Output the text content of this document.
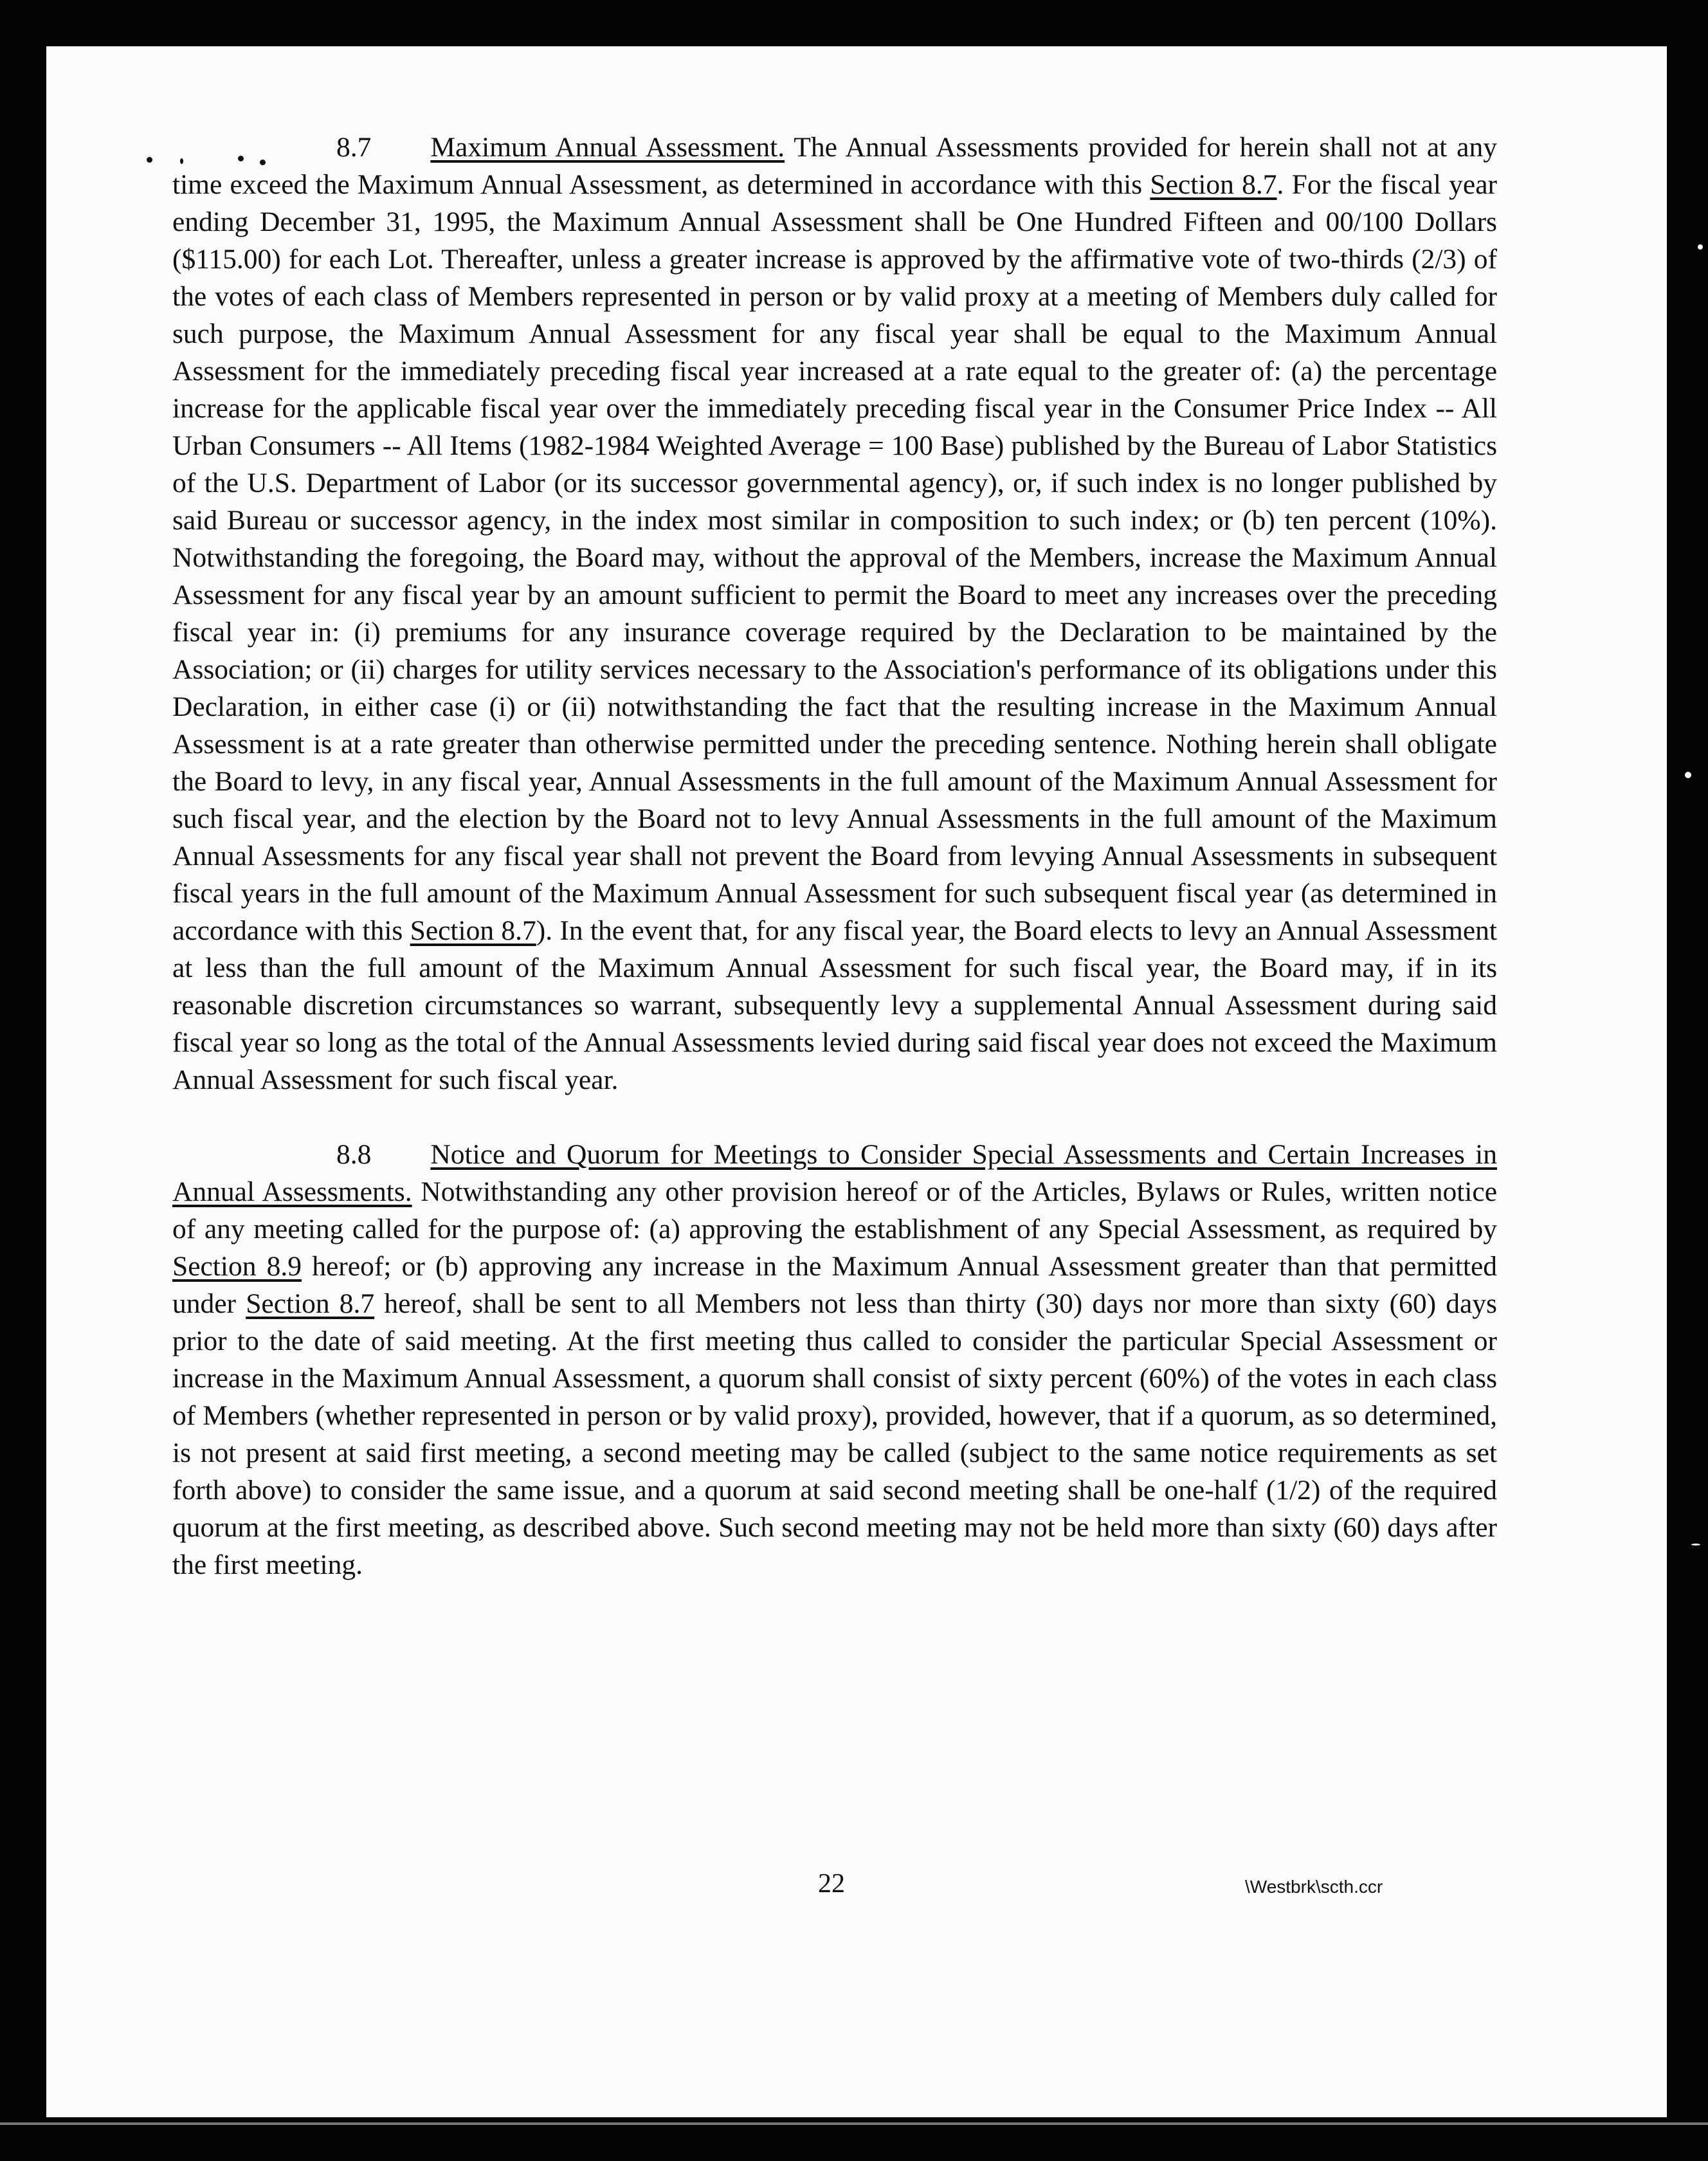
8.7 Maximum Annual Assessment. The Annual Assessments provided for herein shall not at any time exceed the Maximum Annual Assessment, as determined in accordance with this Section 8.7. For the fiscal year ending December 31, 1995, the Maximum Annual Assessment shall be One Hundred Fifteen and 00/100 Dollars ($115.00) for each Lot. Thereafter, unless a greater increase is approved by the affirmative vote of two-thirds (2/3) of the votes of each class of Members represented in person or by valid proxy at a meeting of Members duly called for such purpose, the Maximum Annual Assessment for any fiscal year shall be equal to the Maximum Annual Assessment for the immediately preceding fiscal year increased at a rate equal to the greater of: (a) the percentage increase for the applicable fiscal year over the immediately preceding fiscal year in the Consumer Price Index -- All Urban Consumers -- All Items (1982-1984 Weighted Average = 100 Base) published by the Bureau of Labor Statistics of the U.S. Department of Labor (or its successor governmental agency), or, if such index is no longer published by said Bureau or successor agency, in the index most similar in composition to such index; or (b) ten percent (10%). Notwithstanding the foregoing, the Board may, without the approval of the Members, increase the Maximum Annual Assessment for any fiscal year by an amount sufficient to permit the Board to meet any increases over the preceding fiscal year in: (i) premiums for any insurance coverage required by the Declaration to be maintained by the Association; or (ii) charges for utility services necessary to the Association's performance of its obligations under this Declaration, in either case (i) or (ii) notwithstanding the fact that the resulting increase in the Maximum Annual Assessment is at a rate greater than otherwise permitted under the preceding sentence. Nothing herein shall obligate the Board to levy, in any fiscal year, Annual Assessments in the full amount of the Maximum Annual Assessment for such fiscal year, and the election by the Board not to levy Annual Assessments in the full amount of the Maximum Annual Assessments for any fiscal year shall not prevent the Board from levying Annual Assessments in subsequent fiscal years in the full amount of the Maximum Annual Assessment for such subsequent fiscal year (as determined in accordance with this Section 8.7). In the event that, for any fiscal year, the Board elects to levy an Annual Assessment at less than the full amount of the Maximum Annual Assessment for such fiscal year, the Board may, if in its reasonable discretion circumstances so warrant, subsequently levy a supplemental Annual Assessment during said fiscal year so long as the total of the Annual Assessments levied during said fiscal year does not exceed the Maximum Annual Assessment for such fiscal year.

8.8 Notice and Quorum for Meetings to Consider Special Assessments and Certain Increases in Annual Assessments. Notwithstanding any other provision hereof or of the Articles, Bylaws or Rules, written notice of any meeting called for the purpose of: (a) approving the establishment of any Special Assessment, as required by Section 8.9 hereof; or (b) approving any increase in the Maximum Annual Assessment greater than that permitted under Section 8.7 hereof, shall be sent to all Members not less than thirty (30) days nor more than sixty (60) days prior to the date of said meeting. At the first meeting thus called to consider the particular Special Assessment or increase in the Maximum Annual Assessment, a quorum shall consist of sixty percent (60%) of the votes in each class of Members (whether represented in person or by valid proxy), provided, however, that if a quorum, as so determined, is not present at said first meeting, a second meeting may be called (subject to the same notice requirements as set forth above) to consider the same issue, and a quorum at said second meeting shall be one-half (1/2) of the required quorum at the first meeting, as described above. Such second meeting may not be held more than sixty (60) days after the first meeting.

22	\Westbrk\scth.ccr
